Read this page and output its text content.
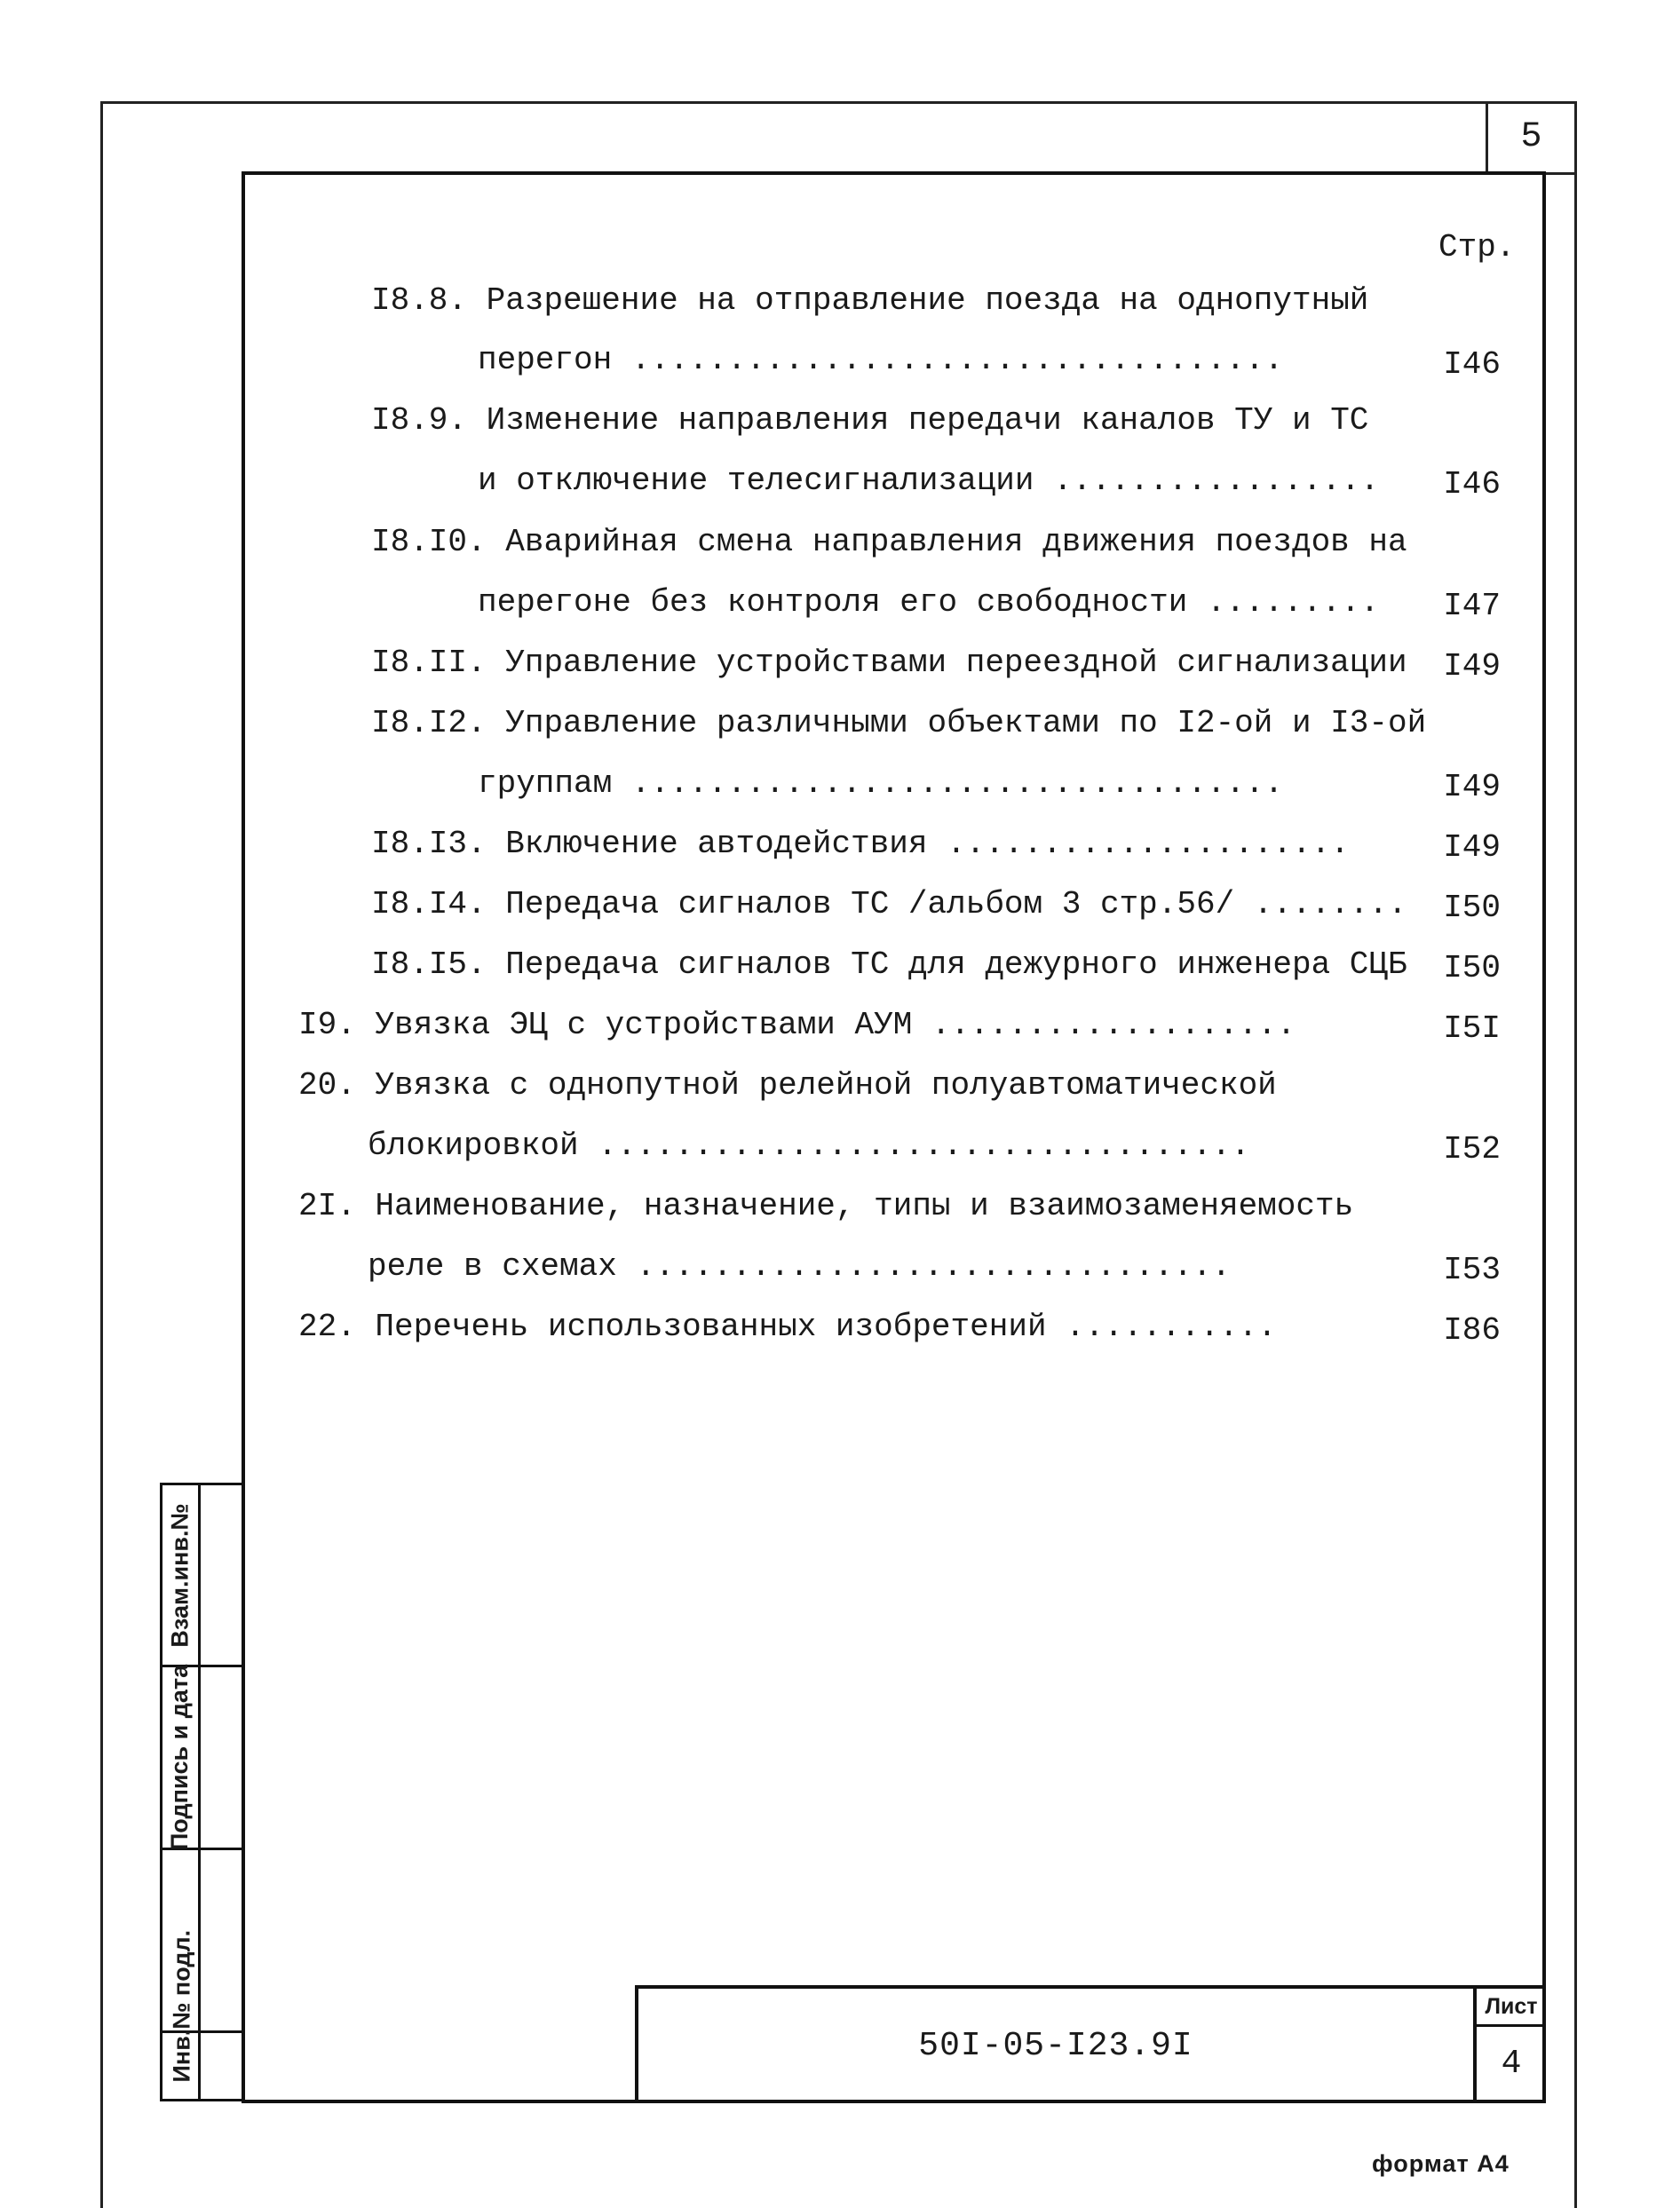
5
Стр.
I8.8. Разрешение на отправление поезда на однопутный
перегон ..................................	I46
I8.9. Изменение направления передачи каналов ТУ и ТС
и отключение телесигнализации .................	I46
I8.I0. Аварийная смена направления движения поездов на
перегоне без контроля его свободности .........	I47
I8.II. Управление устройствами переездной сигнализации	I49
I8.I2. Управление различными объектами по I2-ой и I3-ой
группам ..................................	I49
I8.I3. Включение автодействия .....................	I49
I8.I4. Передача сигналов ТС /альбом 3 стр.56/ ........	I50
I8.I5. Передача сигналов ТС для дежурного инженера СЦБ	I50
I9. Увязка ЭЦ с устройствами АУМ ...................	I5I
20. Увязка с однопутной релейной полуавтоматической
блокировкой ..................................	I52
2I. Наименование, назначение, типы и взаимозаменяемость
реле в схемах ...............................	I53
22. Перечень использованных изобретений ...........	I86
Взам.инв.№
Подпись и дата
Инв.№ подл.	50I-05-I23.9I
Лист
4
формат А4
